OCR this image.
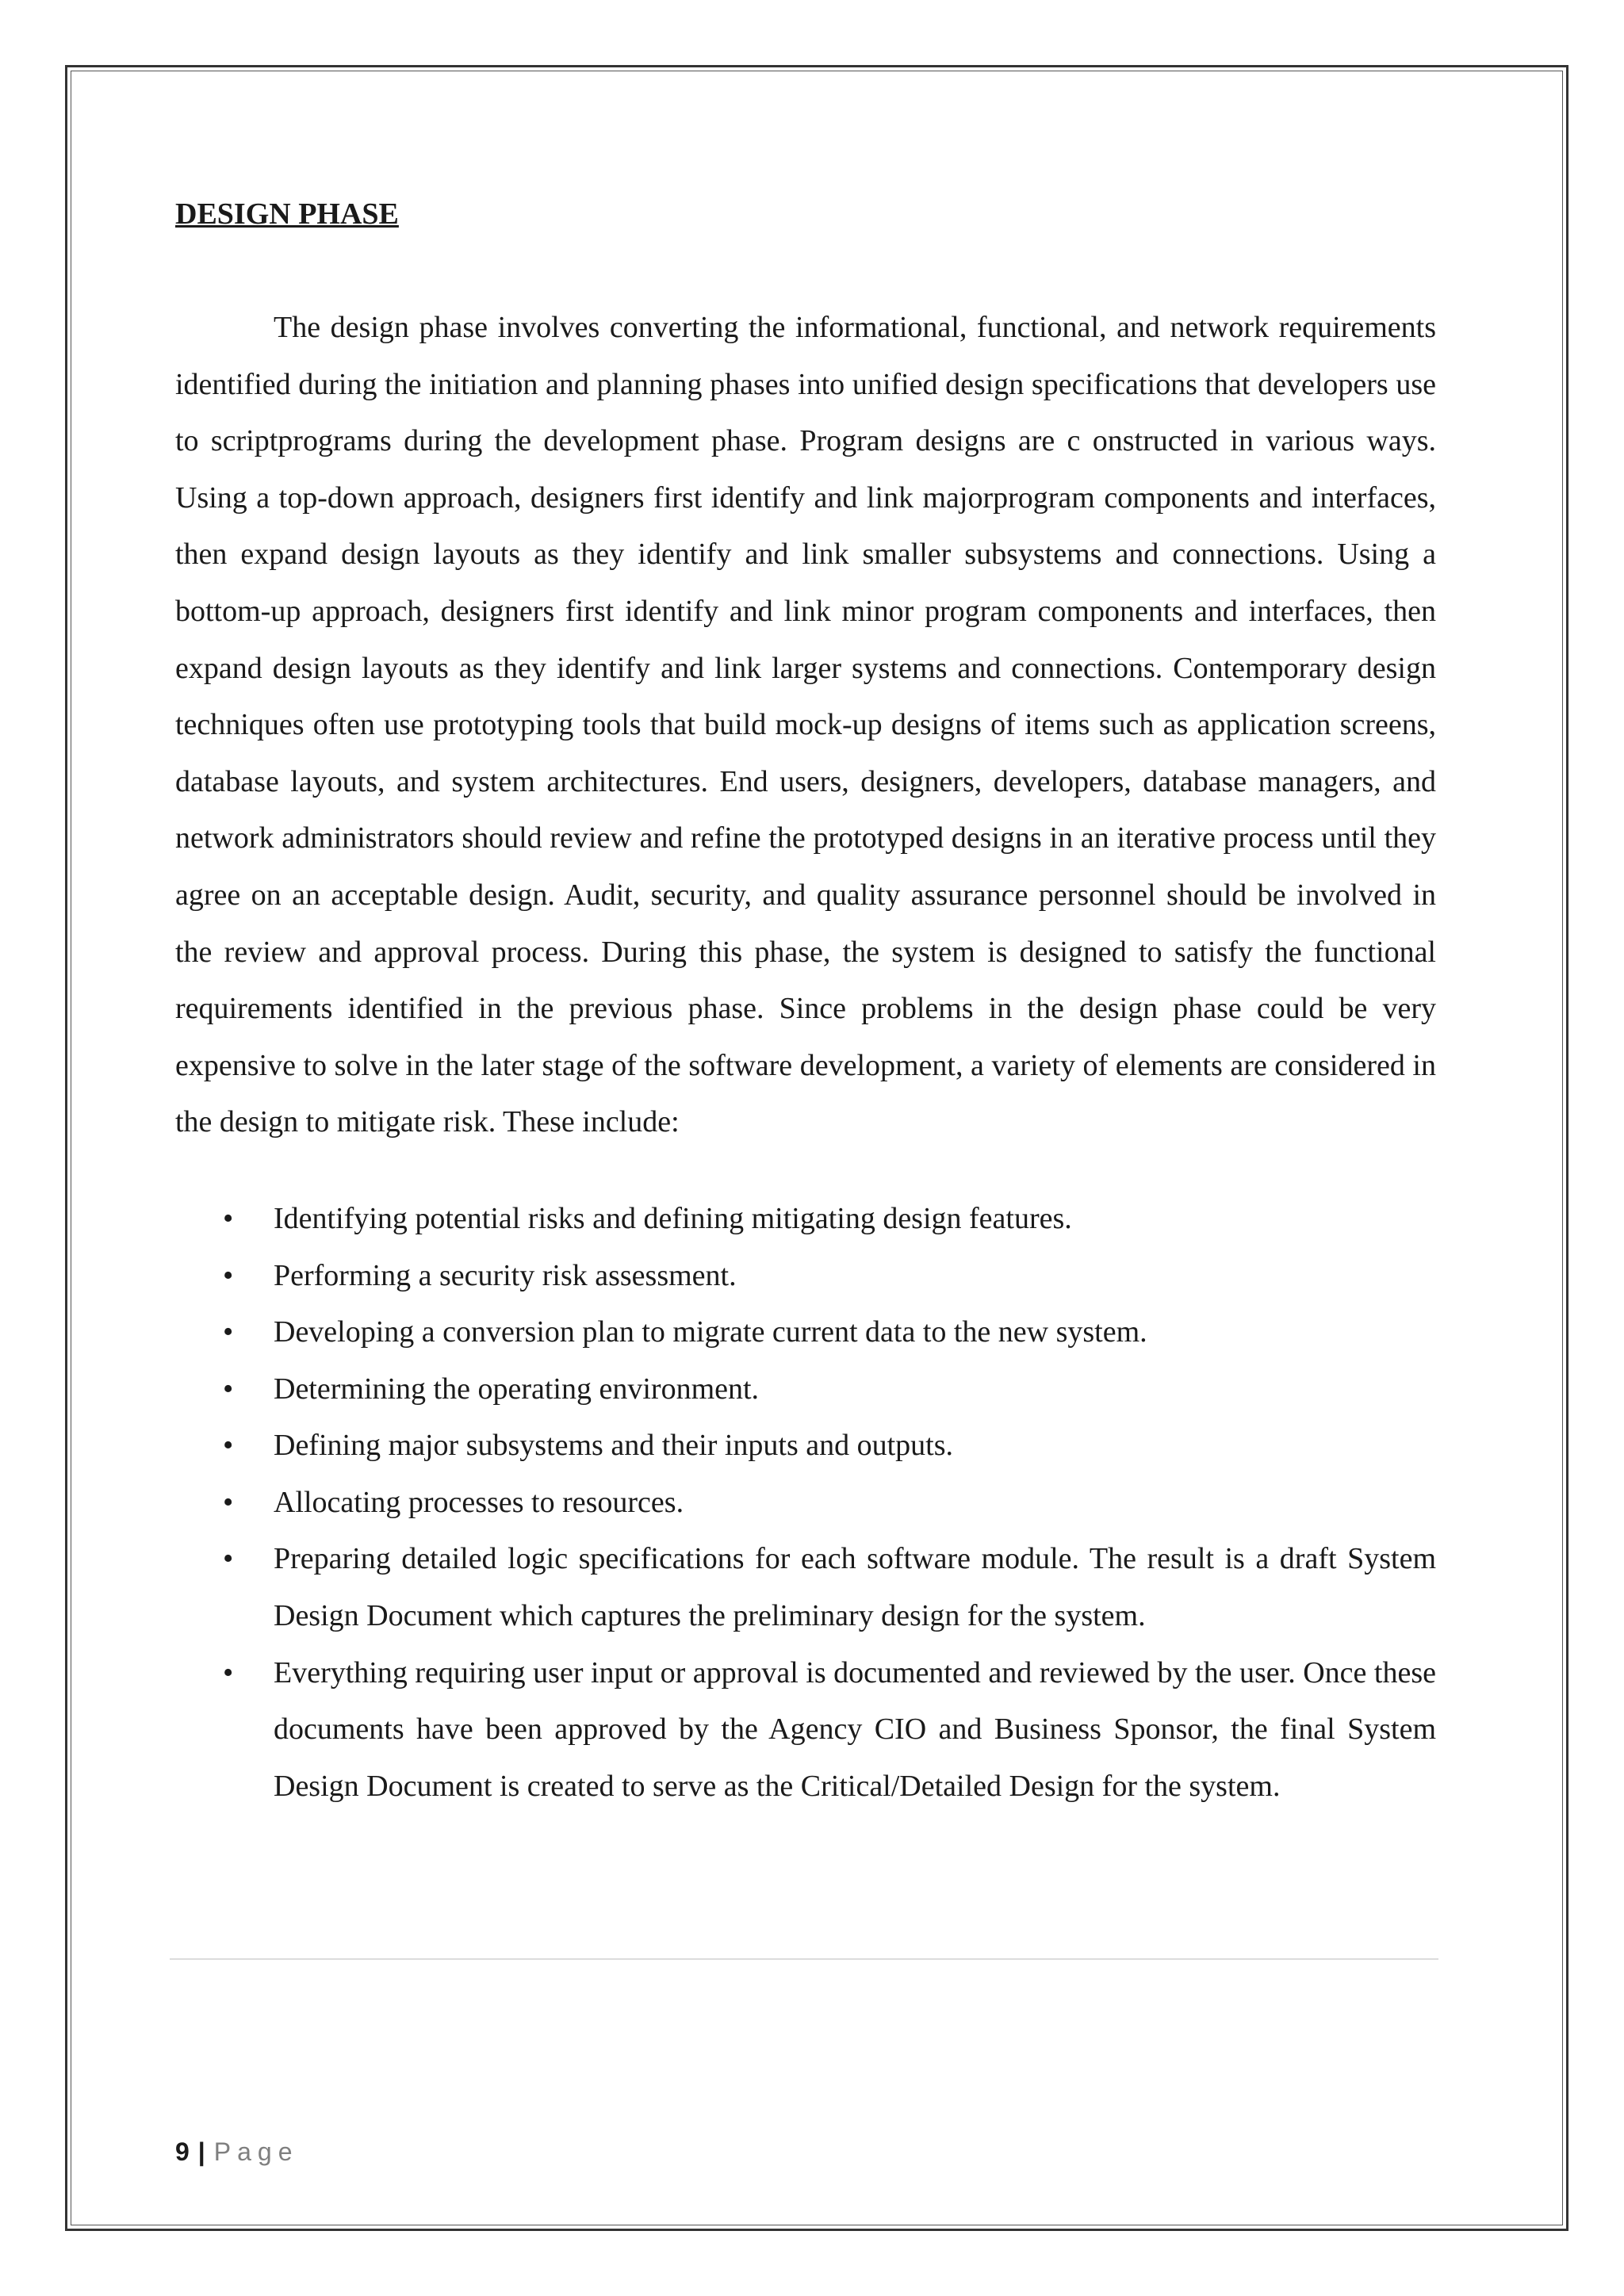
DESIGN PHASE

The design phase involves converting the informational, functional, and network requirements identified during the initiation and planning phases into unified design specifications that developers use to scriptprograms during the development phase. Program designs are c onstructed in various ways. Using a top-down approach, designers first identify and link majorprogram components and interfaces, then expand design layouts as they identify and link smaller subsystems and connections. Using a bottom-up approach, designers first identify and link minor program components and interfaces, then expand design layouts as they identify and link larger systems and connections. Contemporary design techniques often use prototyping tools that build mock-up designs of items such as application screens, database layouts, and system architectures. End users, designers, developers, database managers, and network administrators should review and refine the prototyped designs in an iterative process until they agree on an acceptable design. Audit, security, and quality assurance personnel should be involved in the review and approval process. During this phase, the system is designed to satisfy the functional requirements identified in the previous phase. Since problems in the design phase could be very expensive to solve in the later stage of the software development, a variety of elements are considered in the design to mitigate risk. These include:

• Identifying potential risks and defining mitigating design features.
• Performing a security risk assessment.
• Developing a conversion plan to migrate current data to the new system.
• Determining the operating environment.
• Defining major subsystems and their inputs and outputs.
• Allocating processes to resources.
• Preparing detailed logic specifications for each software module. The result is a draft System Design Document which captures the preliminary design for the system.
• Everything requiring user input or approval is documented and reviewed by the user. Once these documents have been approved by the Agency CIO and Business Sponsor, the final System Design Document is created to serve as the Critical/Detailed Design for the system.
9 | Page
